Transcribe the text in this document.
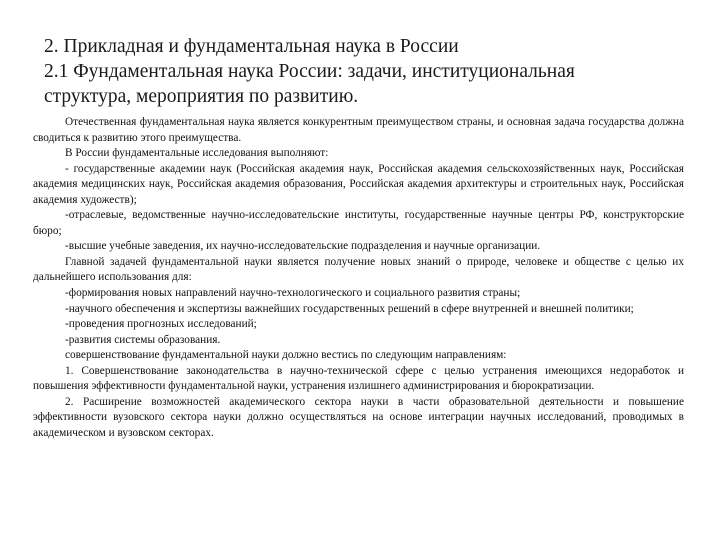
2. Прикладная и фундаментальная наука в России
2.1 Фундаментальная наука России: задачи, институциональная
структура, мероприятия по развитию.

Отечественная фундаментальная наука является конкурентным преимуществом страны, и основная задача государства должна сводиться к развитию этого преимущества.

В России фундаментальные исследования выполняют:

- государственные академии наук (Российская академия наук, Российская академия сельскохозяйственных наук, Российская академия медицинских наук, Российская академия образования, Российская академия архитектуры и строительных наук, Российская академия художеств);

-отраслевые, ведомственные научно-исследовательские институты, государственные научные центры РФ, конструкторские бюро;

-высшие учебные заведения, их научно-исследовательские подразделения и научные организации.

Главной задачей фундаментальной науки является получение новых знаний о природе, человеке и обществе с целью их дальнейшего использования для:

-формирования новых направлений научно-технологического и социального развития страны;

-научного обеспечения и экспертизы важнейших государственных решений в сфере внутренней и внешней политики;

-проведения прогнозных исследований;

-развития системы образования.

совершенствование фундаментальной науки должно вестись по следующим направлениям:

1. Совершенствование законодательства в научно-технической сфере с целью устранения имеющихся недоработок и повышения эффективности фундаментальной науки, устранения излишнего администрирования и бюрократизации.

2. Расширение возможностей академического сектора науки в части образовательной деятельности и повышение эффективности вузовского сектора науки должно осуществляться на основе интеграции научных исследований, проводимых в академическом и вузовском секторах.
